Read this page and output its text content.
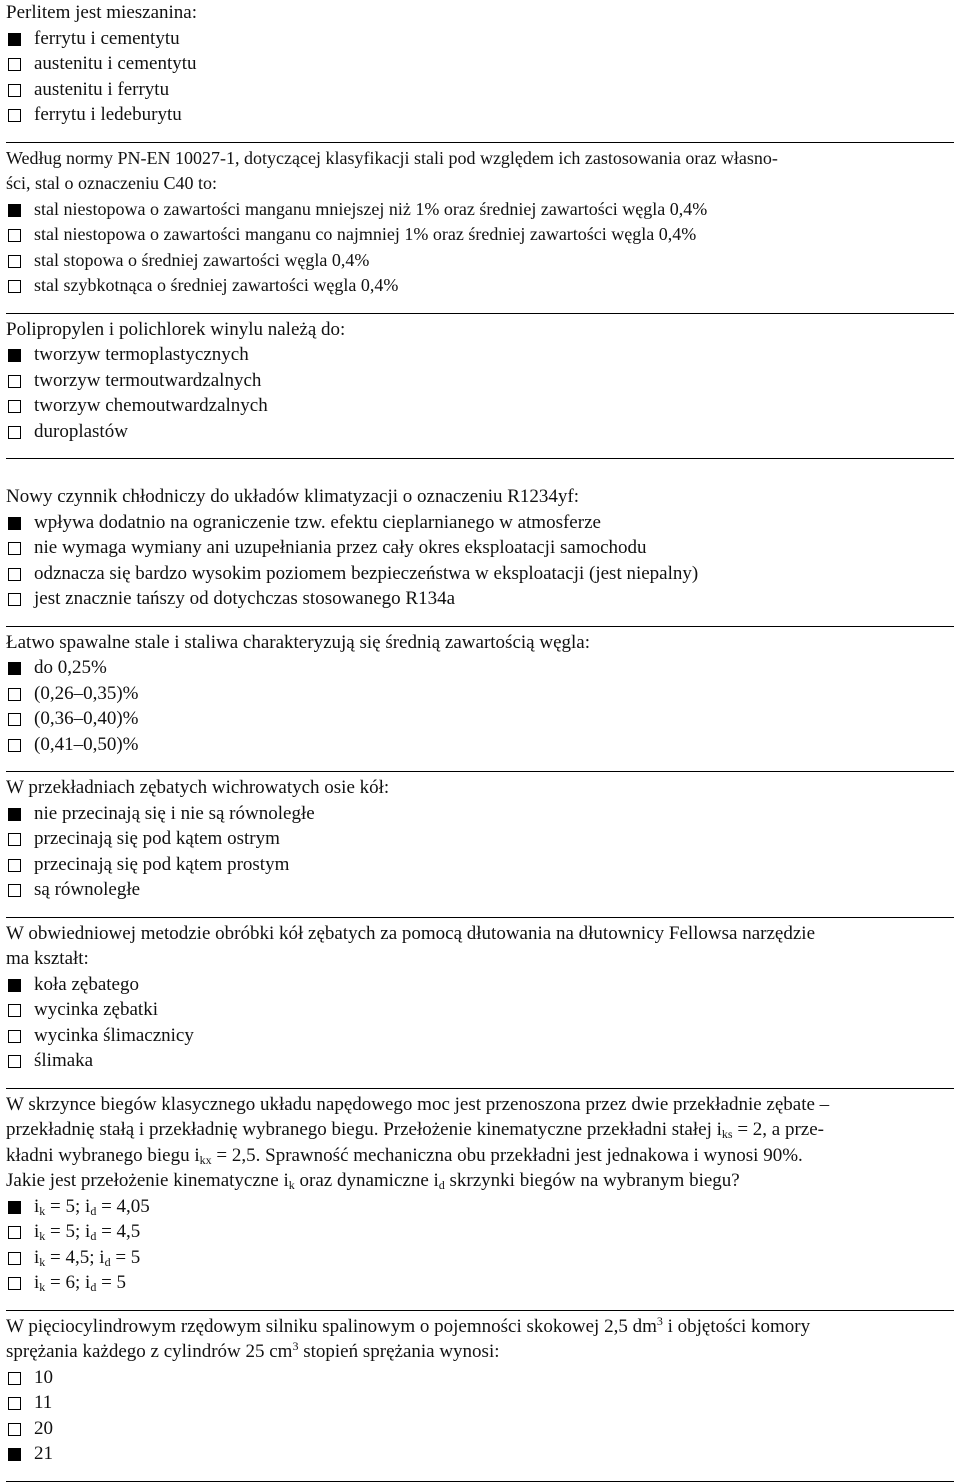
Perlitem jest mieszanina:

ferrytu i cementytu
austenitu i cementytu
austenitu i ferrytu
ferrytu i ledeburytu

Według normy PN-EN 10027-1, dotyczącej klasyfikacji stali pod względem ich zastosowania oraz własno-

ści, stal o oznaczeniu C40 to:

stal niestopowa o zawartości manganu mniejszej niż 1% oraz średniej zawartości węgla 0,4%
stal niestopowa o zawartości manganu co najmniej 1% oraz średniej zawartości węgla 0,4%
stal stopowa o średniej zawartości węgla 0,4%
stal szybkotnąca o średniej zawartości węgla 0,4%

Polipropylen i polichlorek winylu należą do:

tworzyw termoplastycznych
tworzyw termoutwardzalnych
tworzyw chemoutwardzalnych
duroplastów

Nowy czynnik chłodniczy do układów klimatyzacji o oznaczeniu R1234yf:

wpływa dodatnio na ograniczenie tzw. efektu cieplarnianego w atmosferze
nie wymaga wymiany ani uzupełniania przez cały okres eksploatacji samochodu
odznacza się bardzo wysokim poziomem bezpieczeństwa w eksploatacji (jest niepalny)
jest znacznie tańszy od dotychczas stosowanego R134a

Łatwo spawalne stale i staliwa charakteryzują się średnią zawartością węgla:

do 0,25%
(0,26–0,35)%
(0,36–0,40)%
(0,41–0,50)%

W przekładniach zębatych wichrowatych osie kół:

nie przecinają się i nie są równoległe
przecinają się pod kątem ostrym
przecinają się pod kątem prostym
są równoległe

W obwiedniowej metodzie obróbki kół zębatych za pomocą dłutowania na dłutownicy Fellowsa narzędzie

ma kształt:

koła zębatego
wycinka zębatki
wycinka ślimacznicy
ślimaka

W skrzynce biegów klasycznego układu napędowego moc jest przenoszona przez dwie przekładnie zębate –

przekładnię stałą i przekładnię wybranego biegu. Przełożenie kinematyczne przekładni stałej $i_{ks} = 2$, a prze-

kładni wybranego biegu $i_{kx} = 2,5$. Sprawność mechaniczna obu przekładni jest jednakowa i wynosi 90%.

Jakie jest przełożenie kinematyczne $i_k$ oraz dynamiczne $i_d$ skrzynki biegów na wybranym biegu?

$i_k = 5$; $i_d = 4,05$
$i_k = 5$; $i_d = 4,5$
$i_k = 4,5$; $i_d = 5$
$i_k = 6$; $i_d = 5$

W pięciocylindrowym rzędowym silniku spalinowym o pojemności skokowej 2,5 $dm^3$ i objętości komory

sprężania każdego z cylindrów 25 $cm^3$ stopień sprężania wynosi:

10
11
20
21
